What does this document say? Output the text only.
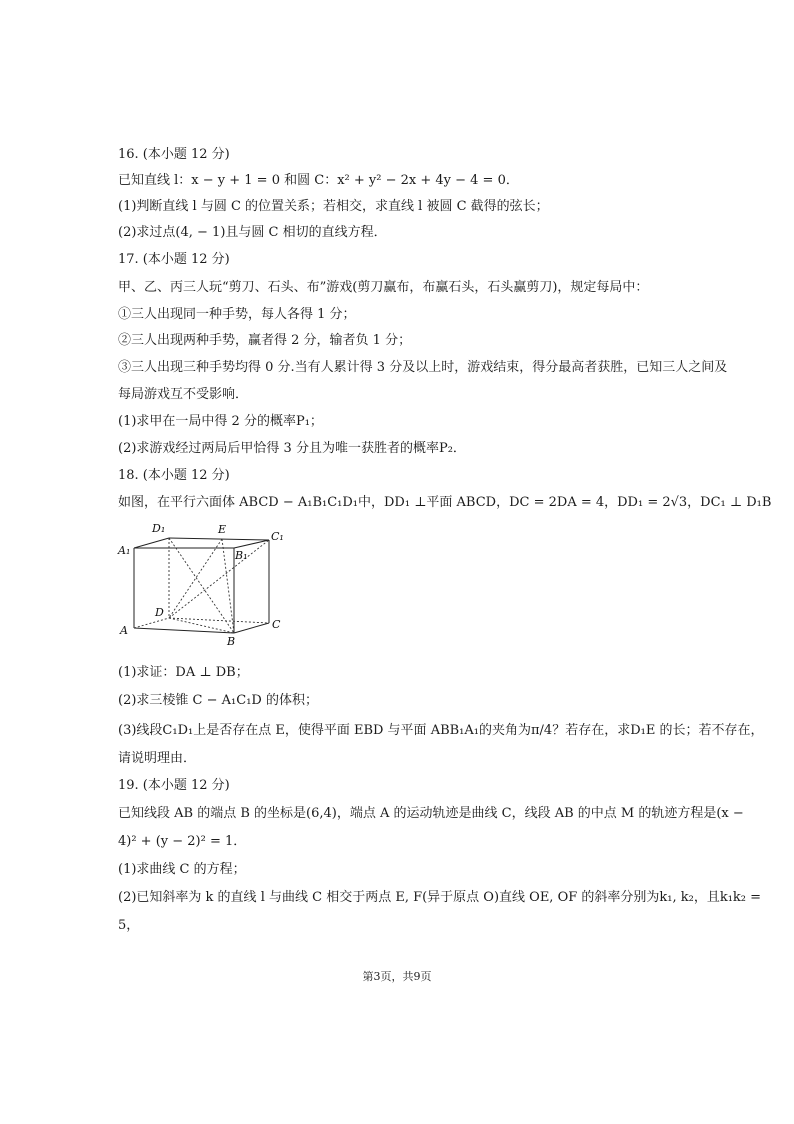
16. (本小题 12 分)
已知直线 l：x − y + 1 = 0 和圆 C：x² + y² − 2x + 4y − 4 = 0．
(1)判断直线 l 与圆 C 的位置关系；若相交，求直线 l 被圆 C 截得的弦长；
(2)求过点(4, − 1)且与圆 C 相切的直线方程．
17. (本小题 12 分)
甲、乙、丙三人玩“剪刀、石头、布”游戏(剪刀赢布，布赢石头，石头赢剪刀)，规定每局中：
①三人出现同一种手势，每人各得 1 分；
②三人出现两种手势，赢者得 2 分，输者负 1 分；
③三人出现三种手势均得 0 分.当有人累计得 3 分及以上时，游戏结束，得分最高者获胜，已知三人之间及
每局游戏互不受影响．
(1)求甲在一局中得 2 分的概率P₁；
(2)求游戏经过两局后甲恰得 3 分且为唯一获胜者的概率P₂．
18. (本小题 12 分)
如图，在平行六面体 ABCD − A₁B₁C₁D₁中，DD₁ ⊥平面 ABCD，DC = 2DA = 4，DD₁ = 2√3，DC₁ ⊥ D₁B
A₁
D₁	E
B₁
C₁
D
A
B
C
(1)求证：DA ⊥ DB；
(2)求三棱锥 C − A₁C₁D 的体积；
(3)线段C₁D₁上是否存在点 E，使得平面 EBD 与平面 ABB₁A₁的夹角为π/4？若存在，求D₁E 的长；若不存在，
请说明理由．
19. (本小题 12 分)
已知线段 AB 的端点 B 的坐标是(6,4)，端点 A 的运动轨迹是曲线 C，线段 AB 的中点 M 的轨迹方程是(x −
4)² + (y − 2)² = 1．
(1)求曲线 C 的方程；
(2)已知斜率为 k 的直线 l 与曲线 C 相交于两点 E, F(异于原点 O)直线 OE, OF 的斜率分别为k₁, k₂，且k₁k₂ =
5，
第3页，共9页
